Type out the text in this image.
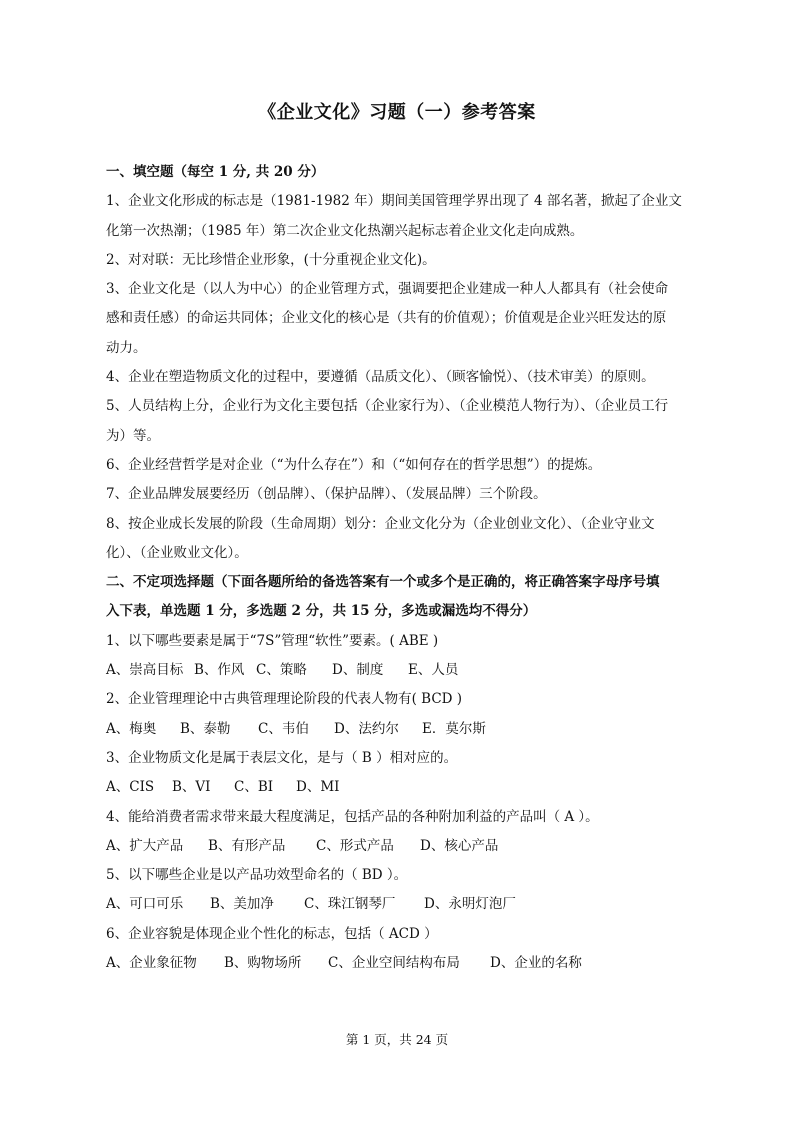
《企业文化》习题（一）参考答案
一、填空题（每空 1 分, 共 20 分）
1、企业文化形成的标志是（1981-1982 年）期间美国管理学界出现了 4 部名著，掀起了企业文
化第一次热潮；（1985 年）第二次企业文化热潮兴起标志着企业文化走向成熟。
2、对对联：无比珍惜企业形象，(十分重视企业文化)。
3、企业文化是（以人为中心）的企业管理方式，强调要把企业建成一种人人都具有（社会使命
感和责任感）的命运共同体；企业文化的核心是（共有的价值观）；价值观是企业兴旺发达的原
动力。
4、企业在塑造物质文化的过程中，要遵循（品质文化）、（顾客愉悦）、（技术审美）的原则。
5、人员结构上分，企业行为文化主要包括（企业家行为）、（企业模范人物行为）、（企业员工行
为）等。
6、企业经营哲学是对企业（“为什么存在”）和（“如何存在的哲学思想”）的提炼。
7、企业品牌发展要经历（创品牌）、（保护品牌）、（发展品牌）三个阶段。
8、按企业成长发展的阶段（生命周期）划分：企业文化分为（企业创业文化）、（企业守业文
化）、（企业败业文化）。
二、不定项选择题（下面各题所给的备选答案有一个或多个是正确的，将正确答案字母序号填
入下表，单选题 1 分，多选题 2 分，共 15 分，多选或漏选均不得分）
1、以下哪些要素是属于“7S”管理“软性”要素。( ABE )
A、崇高目标 B、作风 C、策略 D、制度 E、人员
2、企业管理理论中古典管理理论阶段的代表人物有( BCD )
A、梅奥 B、泰勒 C、韦伯 D、法约尔 E．莫尔斯
3、企业物质文化是属于表层文化，是与（ B ）相对应的。
A、CIS B、VI C、BI D、MI
4、能给消费者需求带来最大程度满足，包括产品的各种附加利益的产品叫（ A ）。
A、扩大产品 B、有形产品 C、形式产品 D、核心产品
5、以下哪些企业是以产品功效型命名的（ BD ）。
A、可口可乐 B、美加净 C、珠江钢琴厂 D、永明灯泡厂
6、企业容貌是体现企业个性化的标志，包括（ ACD ）
A、企业象征物 B、购物场所 C、企业空间结构布局 D、企业的名称
第 1 页，共 24 页
